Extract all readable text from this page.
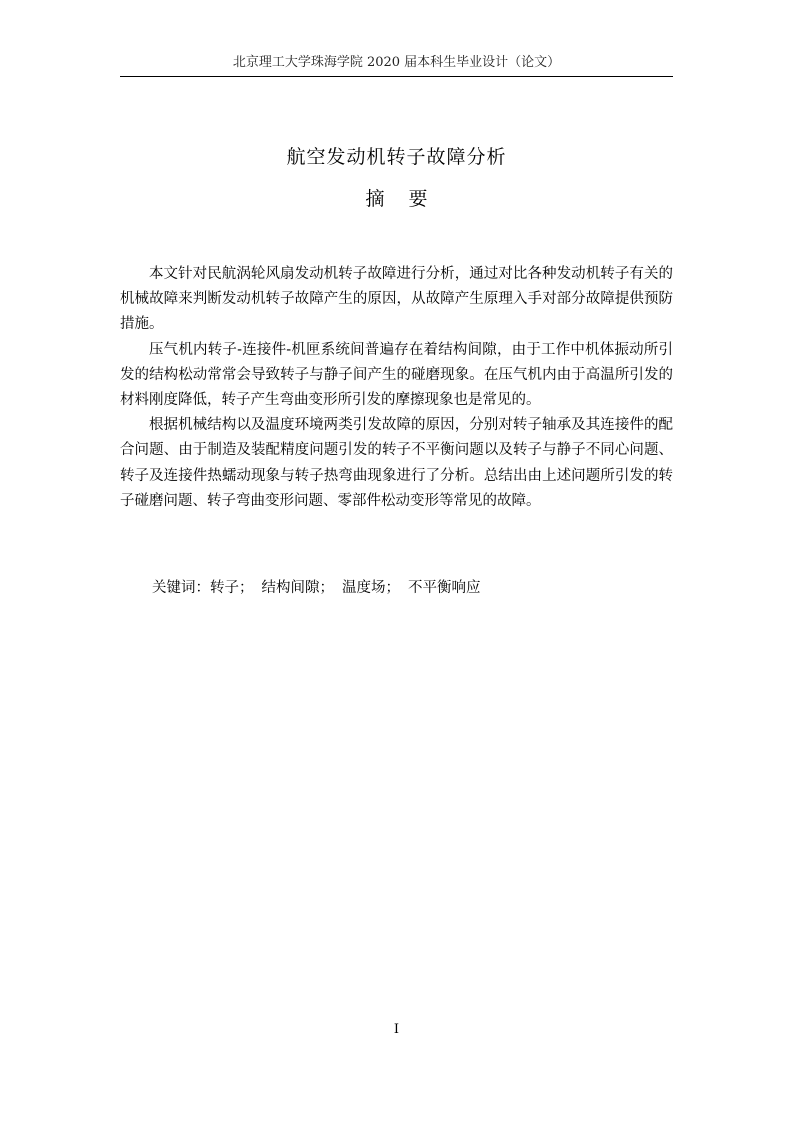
北京理工大学珠海学院 2020 届本科生毕业设计（论文）
航空发动机转子故障分析
摘 要

本文针对民航涡轮风扇发动机转子故障进行分析，通过对比各种发动机转子有关的机械故障来判断发动机转子故障产生的原因，从故障产生原理入手对部分故障提供预防措施。

压气机内转子-连接件-机匣系统间普遍存在着结构间隙，由于工作中机体振动所引发的结构松动常常会导致转子与静子间产生的碰磨现象。在压气机内由于高温所引发的材料刚度降低，转子产生弯曲变形所引发的摩擦现象也是常见的。

根据机械结构以及温度环境两类引发故障的原因，分别对转子轴承及其连接件的配合问题、由于制造及装配精度问题引发的转子不平衡问题以及转子与静子不同心问题、转子及连接件热蠕动现象与转子热弯曲现象进行了分析。总结出由上述问题所引发的转子碰磨问题、转子弯曲变形问题、零部件松动变形等常见的故障。

关键词：转子； 结构间隙； 温度场； 不平衡响应
I
